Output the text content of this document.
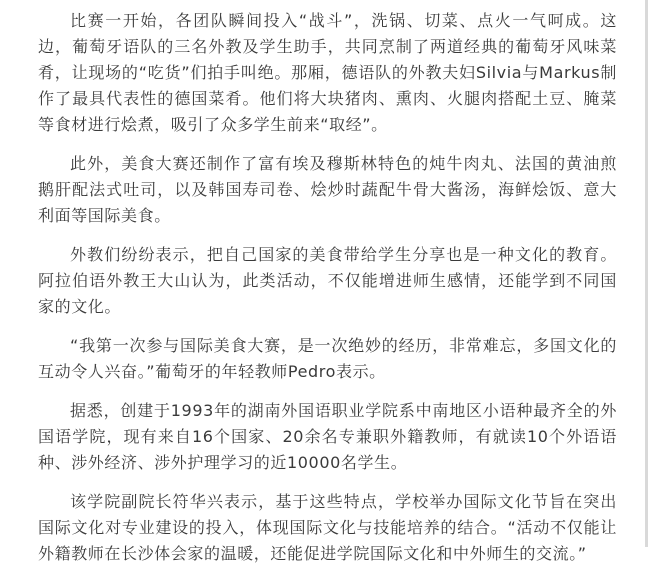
比赛一开始，各团队瞬间投入“战斗”，洗锅、切菜、点火一气呵成。这边，葡萄牙语队的三名外教及学生助手，共同烹制了两道经典的葡萄牙风味菜肴，让现场的“吃货”们拍手叫绝。那厢，德语队的外教夫妇Silvia与Markus制作了最具代表性的德国菜肴。他们将大块猪肉、熏肉、火腿肉搭配土豆、腌菜等食材进行烩煮，吸引了众多学生前来“取经”。

此外，美食大赛还制作了富有埃及穆斯林特色的炖牛肉丸、法国的黄油煎鹅肝配法式吐司，以及韩国寿司卷、烩炒时蔬配牛骨大酱汤，海鲜烩饭、意大利面等国际美食。

外教们纷纷表示，把自己国家的美食带给学生分享也是一种文化的教育。阿拉伯语外教王大山认为，此类活动，不仅能增进师生感情，还能学到不同国家的文化。

“我第一次参与国际美食大赛，是一次绝妙的经历，非常难忘，多国文化的互动令人兴奋。”葡萄牙的年轻教师Pedro表示。

据悉，创建于1993年的湖南外国语职业学院系中南地区小语种最齐全的外国语学院，现有来自16个国家、20余名专兼职外籍教师，有就读10个外语语种、涉外经济、涉外护理学习的近10000名学生。

该学院副院长符华兴表示，基于这些特点，学校举办国际文化节旨在突出国际文化对专业建设的投入，体现国际文化与技能培养的结合。“活动不仅能让外籍教师在长沙体会家的温暖，还能促进学院国际文化和中外师生的交流。”
